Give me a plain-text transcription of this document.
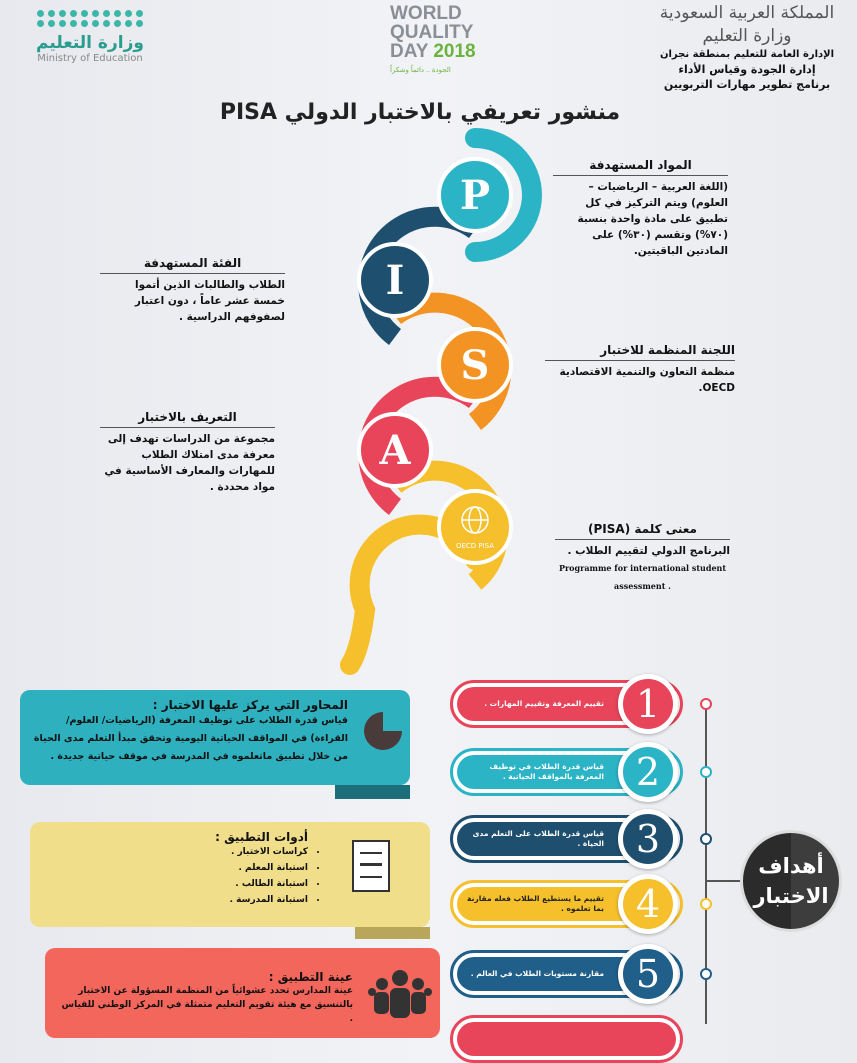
وزارة التعليم
Ministry of Education
WORLD
QUALITY
DAY 2018
الجودة .. دائماً وشكراً
المملكة العربية السعودية
وزارة التعليم
الإدارة العامة للتعليم بمنطقة نجران
إدارة الجودة وقياس الأداء
برنامج تطوير مهارات التربويين
منشور تعريفي بالاختبار الدولي PISA
P
I
S
A
OECD PISA
المواد المستهدفة

(اللغة العربية – الرياضيات – العلوم) ويتم التركيز في كل تطبيق على مادة واحدة بنسبة (٧٠%) وتقسم (٣٠%) على المادتين الباقيتين.

الفئة المستهدفة

الطلاب والطالبات الذين أتموا خمسة عشر عاماً ، دون اعتبار لصفوفهم الدراسية .

اللجنة المنظمة للاختبار

منظمة التعاون والتنمية الاقتصادية OECD.

التعريف بالاختبار

مجموعة من الدراسات تهدف إلى معرفة مدى امتلاك الطلاب للمهارات والمعارف الأساسية في مواد محددة .

معنى كلمة (PISA)

البرنامج الدولي لتقييم الطلاب .

Programme for international student assessment .
المحاور التي يركز عليها الاختبار :

قياس قدرة الطلاب على توظيف المعرفة (الرياضيات/ العلوم/ القراءة) في المواقف الحياتية اليومية وتحقق مبدأ التعلم مدى الحياة من خلال تطبيق ماتعلموه في المدرسة في موقف حياتية جديدة .

أدوات التطبيق :
• كراسات الاختبار .
• استبانة المعلم .
• استبانة الطالب .
• استبانة المدرسة .
عينة التطبيق :

عينة المدارس تحدد عشوائياً من المنظمة المسؤولة عن الاختبار بالتنسيق مع هيئة تقويم التعليم متمثلة في المركز الوطني للقياس .

أهداف
الاختبار
تقييم المعرفة وتقييم المهارات . 1
قياس قدرة الطلاب في توظيف المعرفة بالمواقف الحياتية . 2
قياس قدرة الطلاب على التعلم مدى الحياة . 3
تقييم ما يستطيع الطلاب فعله مقارنة بما تعلموه . 4
مقارنة مستويات الطلاب في العالم . 5
